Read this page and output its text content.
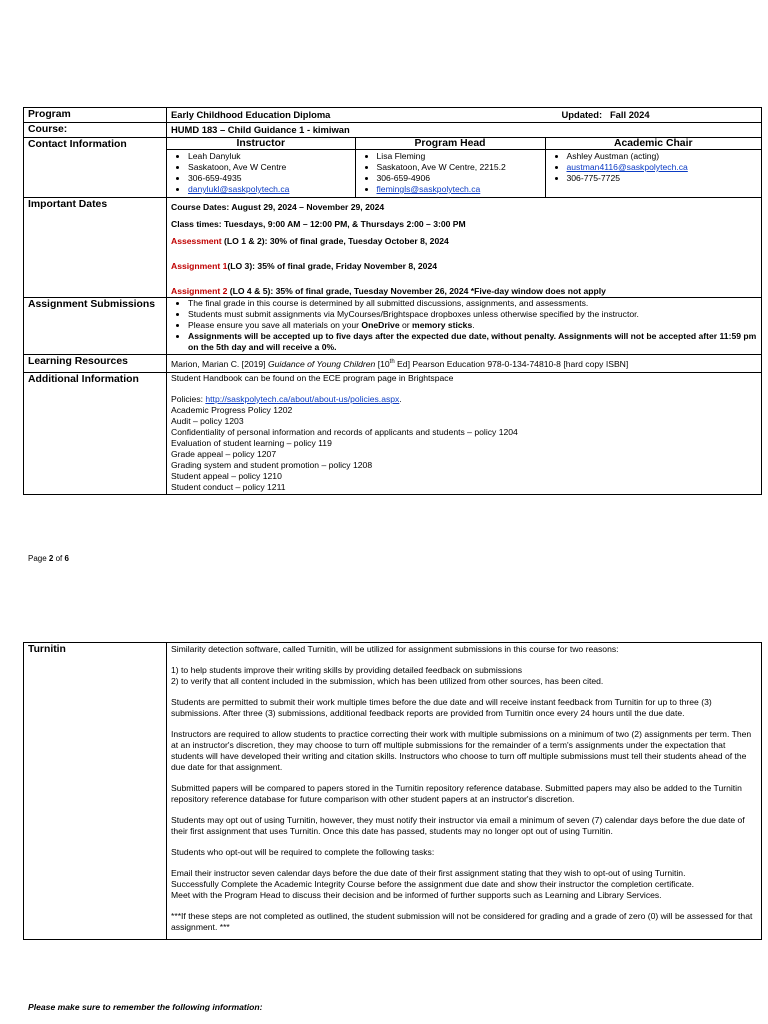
Program	Early Childhood Education Diploma	Updated: Fall 2024

Course:	HUMD 183 – Child Guidance 1 - kimiwan
Contact Information		Instructor	Program Head	Academic Chair

• Leah Danyluk
• Saskatoon, Ave W Centre
• 306-659-4935
• danylukl@saskpolytech.ca

• Lisa Fleming
• Saskatoon, Ave W Centre, 2215.2
• 306-659-4906
• flemingls@saskpolytech.ca

• Ashley Austman (acting)
• austman4116@saskpolytech.ca
• 306-775-7725

Important Dates	Course Dates: August 29, 2024 – November 29, 2024

Class times: Tuesdays, 9:00 AM – 12:00 PM, & Thursdays 2:00 – 3:00 PM

Assessment (LO 1 & 2): 30% of final grade, Tuesday October 8, 2024

Assignment 1(LO 3): 35% of final grade, Friday November 8, 2024

Assignment 2 (LO 4 & 5): 35% of final grade, Tuesday November 26, 2024 *Five-day window does not apply

Assignment Submissions	
•The final grade in this course is determined by all submitted discussions, assignments, and assessments.
• Students must submit assignments via MyCourses/Brightspace dropboxes unless otherwise specified by the instructor.
• Please ensure you save all materials on your OneDrive or memory sticks.
• Assignments will be accepted up to five days after the expected due date, without penalty. Assignments will not be accepted after 11:59 pm on the 5th day and will receive a 0%.

Learning Resources	Marion, Marian C. [2019] Guidance of Young Children [10th Ed] Pearson Education 978-0-134-74810-8 [hard copy ISBN]
Additional Information	Student Handbook can be found on the ECE program page in Brightspace

Policies: http://saskpolytech.ca/about/about-us/policies.aspx.

Academic Progress Policy 1202

Audit – policy 1203

Confidentiality of personal information and records of applicants and students – policy 1204

Evaluation of student learning – policy 119

Grade appeal – policy 1207

Grading system and student promotion – policy 1208

Student appeal – policy 1210

Student conduct – policy 1211

Page 2 of 6
Turnitin	Similarity detection software, called Turnitin, will be utilized for assignment submissions in this course for two reasons:

1) to help students improve their writing skills by providing detailed feedback on submissions
2) to verify that all content included in the submission, which has been utilized from other sources, has been cited.

Students are permitted to submit their work multiple times before the due date and will receive instant feedback from Turnitin for up to three (3) submissions. After three (3) submissions, additional feedback reports are provided from Turnitin once every 24 hours until the due date.

Instructors are required to allow students to practice correcting their work with multiple submissions on a minimum of two (2) assignments per term. Then at an instructor's discretion, they may choose to turn off multiple submissions for the remainder of a term's assignments under the expectation that students will have developed their writing and citation skills. Instructors who choose to turn off multiple submissions must tell their students ahead of the due date for that assignment.

Submitted papers will be compared to papers stored in the Turnitin repository reference database. Submitted papers may also be added to the Turnitin repository reference database for future comparison with other student papers at an instructor's discretion.

Students may opt out of using Turnitin, however, they must notify their instructor via email a minimum of seven (7) calendar days before the due date of their first assignment that uses Turnitin. Once this date has passed, students may no longer opt out of using Turnitin.

Students who opt-out will be required to complete the following tasks:

Email their instructor seven calendar days before the due date of their first assignment stating that they wish to opt-out of using Turnitin.
Successfully Complete the Academic Integrity Course before the assignment due date and show their instructor the completion certificate.
Meet with the Program Head to discuss their decision and be informed of further supports such as Learning and Library Services.

***If these steps are not completed as outlined, the student submission will not be considered for grading and a grade of zero (0) will be assessed for that assignment. ***

Please make sure to remember the following information:
